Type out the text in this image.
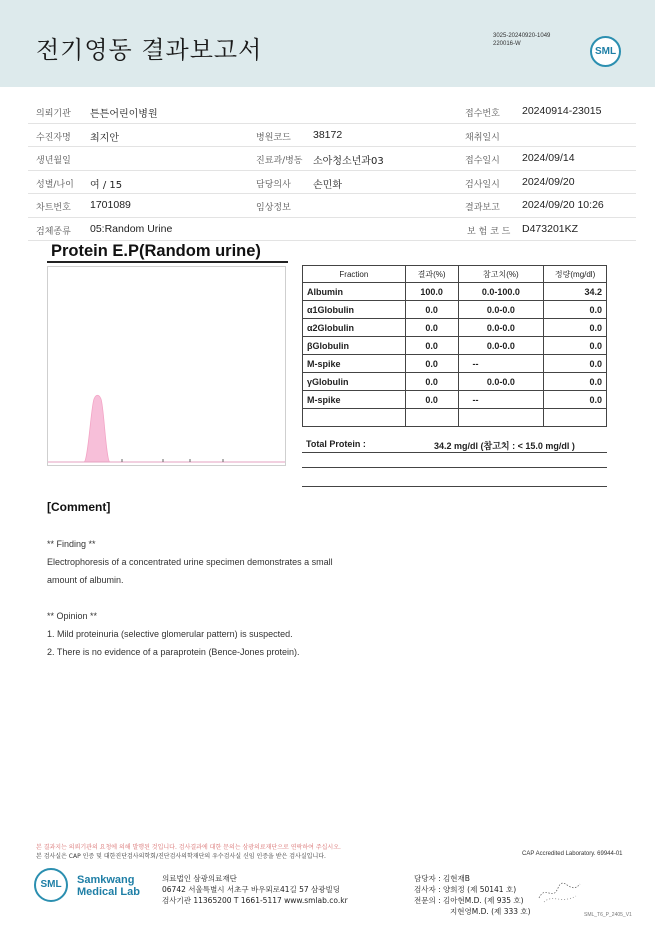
전기영동 결과보고서	3025-20240920-1049
220016-W
SML
의뢰기관 튼튼어린이병원	접수번호 20240914-23015
수진자명 최지안	병원코드 38172	채취일시
생년월일	진료과/병동 소아청소년과03	접수일시 2024/09/14
성별/나이 여 / 15	담당의사 손민화	검사일시 2024/09/20
차트번호 1701089	임상정보	결과보고 2024/09/20 10:26
검체종류 05:Random Urine	보 험 코 드 D473201KZ
Protein E.P(Random urine)
Fraction	결과(%)	참고치(%)	정량(mg/dl)
Albumin	100.0	0.0-100.0	34.2
α1Globulin	0.0	0.0-0.0	0.0
α2Globulin	0.0	0.0-0.0	0.0
βGlobulin	0.0	0.0-0.0	0.0
M-spike	0.0	--	0.0
γGlobulin	0.0	0.0-0.0	0.0
M-spike	0.0	--	0.0

Total Protein :	34.2 mg/dl (참고치 : < 15.0 mg/dl )
[Comment]
** Finding **
Electrophoresis of a concentrated urine specimen demonstrates a small
amount of albumin.
** Opinion **
1. Mild proteinuria (selective glomerular pattern) is suspected.
2. There is no evidence of a paraprotein (Bence-Jones protein).
본 결과지는 의뢰기관의 요청에 의해 발행된 것입니다. 검사결과에 대한 문의는 삼광의료재단으로 연락하여 주십시오.
본 검사실은 CAP 인증 및 대한진단검사의학회/진단검사의학재단의 우수검사실 신임 인증을 받은 검사실입니다.	CAP Accredited Laboratory. 69944-01
SML	Samkwang
Medical Lab
의료법인 삼광의료재단
06742 서울특별시 서초구 바우뫼로41길 57 삼광빌딩
검사기관 11365200 T 1661-5117 www.smlab.co.kr
담당자 : 김현재B
검사자 : 양희정 (제 50141 호)
전문의 : 김아현M.D. (제 935 호)
지현영M.D. (제 333 호)	SML_T6_P_2405_V1
